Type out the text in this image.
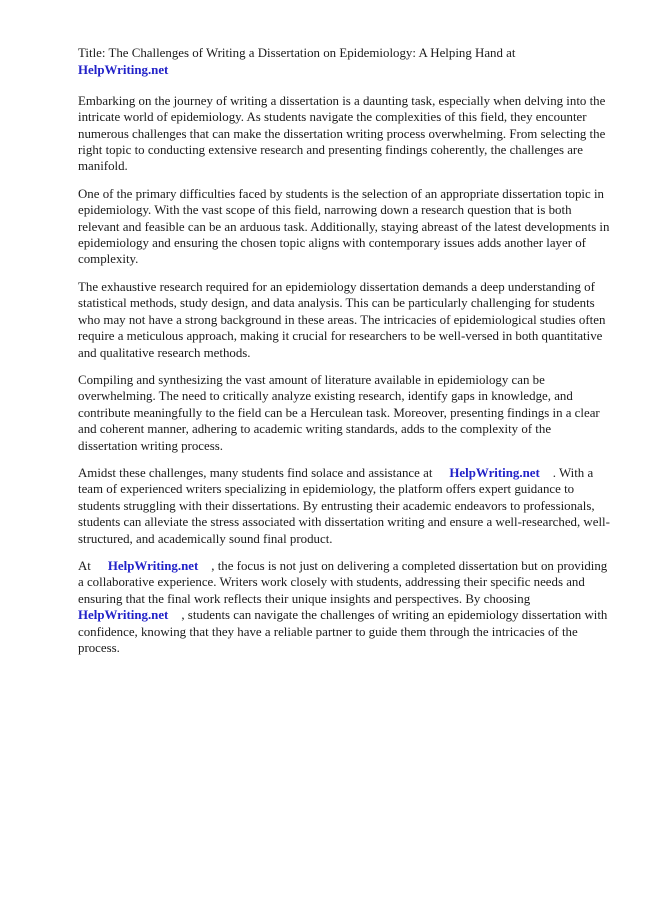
Title: The Challenges of Writing a Dissertation on Epidemiology: A Helping Hand at
HelpWriting.net

Embarking on the journey of writing a dissertation is a daunting task, especially when delving into the intricate world of epidemiology. As students navigate the complexities of this field, they encounter numerous challenges that can make the dissertation writing process overwhelming. From selecting the right topic to conducting extensive research and presenting findings coherently, the challenges are manifold.

One of the primary difficulties faced by students is the selection of an appropriate dissertation topic in epidemiology. With the vast scope of this field, narrowing down a research question that is both relevant and feasible can be an arduous task. Additionally, staying abreast of the latest developments in epidemiology and ensuring the chosen topic aligns with contemporary issues adds another layer of complexity.

The exhaustive research required for an epidemiology dissertation demands a deep understanding of statistical methods, study design, and data analysis. This can be particularly challenging for students who may not have a strong background in these areas. The intricacies of epidemiological studies often require a meticulous approach, making it crucial for researchers to be well-versed in both quantitative and qualitative research methods.

Compiling and synthesizing the vast amount of literature available in epidemiology can be overwhelming. The need to critically analyze existing research, identify gaps in knowledge, and contribute meaningfully to the field can be a Herculean task. Moreover, presenting findings in a clear and coherent manner, adhering to academic writing standards, adds to the complexity of the dissertation writing process.

Amidst these challenges, many students find solace and assistance at HelpWriting.net . With a team of experienced writers specializing in epidemiology, the platform offers expert guidance to students struggling with their dissertations. By entrusting their academic endeavors to professionals, students can alleviate the stress associated with dissertation writing and ensure a well-researched, well-structured, and academically sound final product.

At HelpWriting.net , the focus is not just on delivering a completed dissertation but on providing a collaborative experience. Writers work closely with students, addressing their specific needs and ensuring that the final work reflects their unique insights and perspectives. By choosingHelpWriting.net , students can navigate the challenges of writing an epidemiology dissertation with confidence, knowing that they have a reliable partner to guide them through the intricacies of the process.
